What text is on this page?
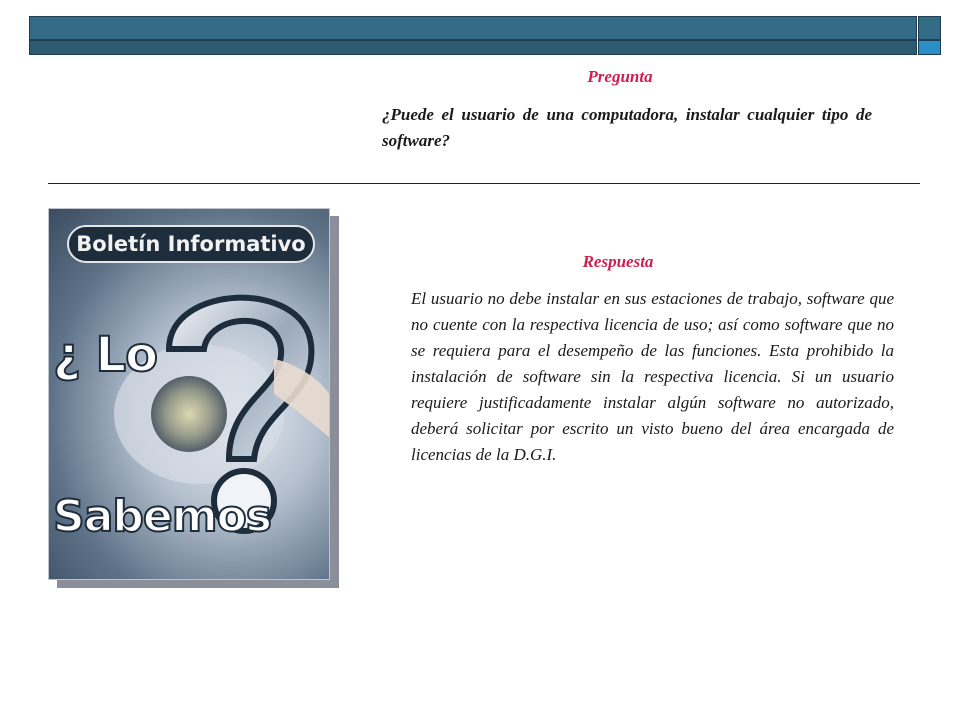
Pregunta
¿Puede el usuario de una computadora, instalar cualquier tipo de software?
Boletín Informativo
¿ Lo
Sabemos
Respuesta
El usuario no debe instalar en sus estaciones de trabajo, software que no cuente con la respectiva licencia de uso; así como software que no se requiera para el desempeño de las funciones. Esta prohibido la instalación de software sin la respectiva licencia. Si un usuario requiere justificadamente instalar algún software no autorizado, deberá solicitar por escrito un visto bueno del área encargada de licencias de la D.G.I.
